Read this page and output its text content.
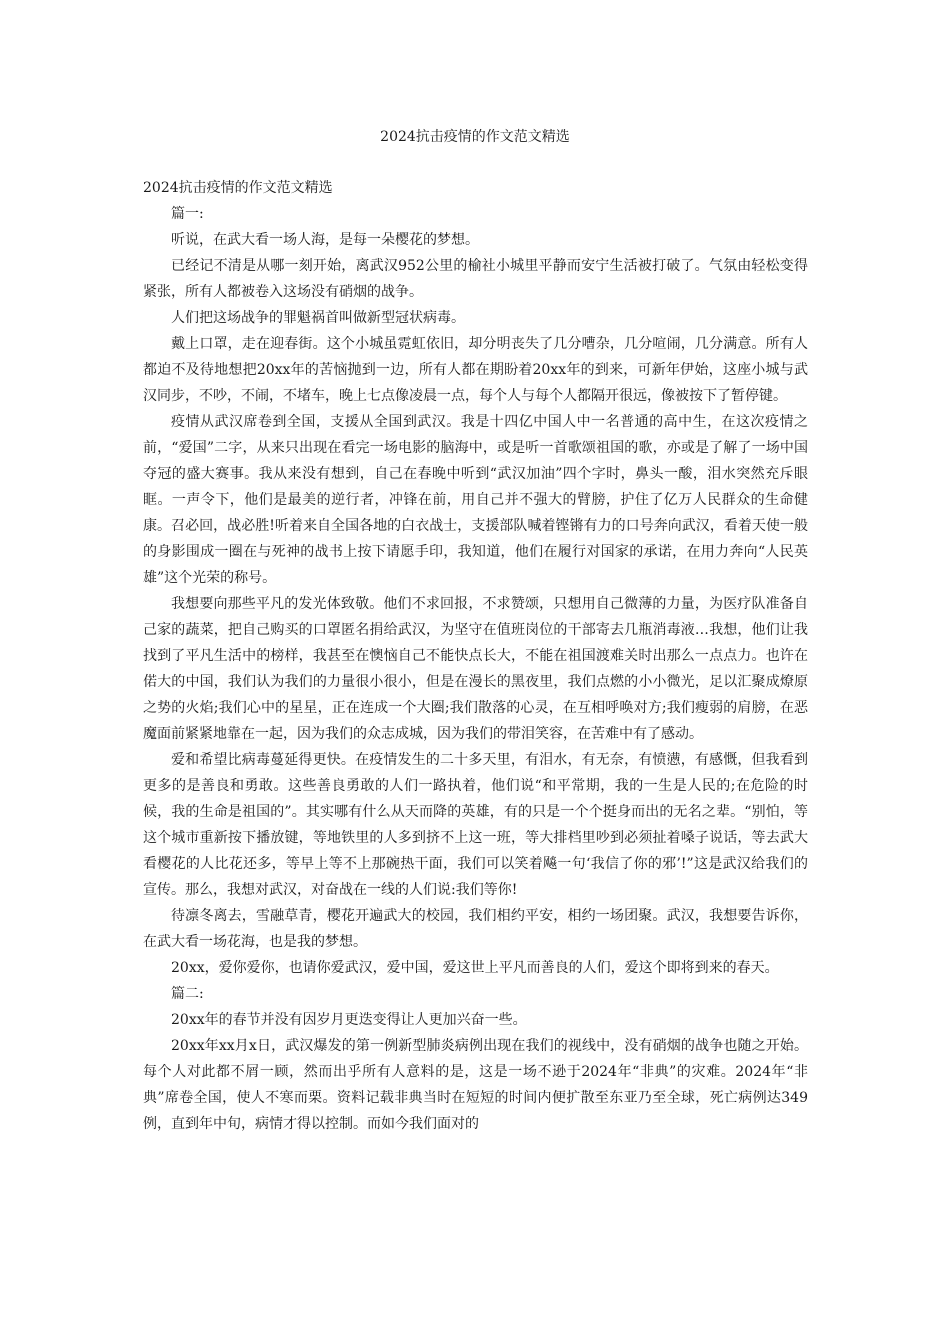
2024抗击疫情的作文范文精选

2024抗击疫情的作文范文精选

篇一:

听说，在武大看一场人海，是每一朵樱花的梦想。

已经记不清是从哪一刻开始，离武汉952公里的榆社小城里平静而安宁生活被打破了。气氛由轻松变得紧张，所有人都被卷入这场没有硝烟的战争。

人们把这场战争的罪魁祸首叫做新型冠状病毒。

戴上口罩，走在迎春街。这个小城虽霓虹依旧，却分明丧失了几分嘈杂，几分喧闹，几分满意。所有人都迫不及待地想把20xx年的苦恼抛到一边，所有人都在期盼着20xx年的到来，可新年伊始，这座小城与武汉同步，不吵，不闹，不堵车，晚上七点像凌晨一点，每个人与每个人都隔开很远，像被按下了暂停键。

疫情从武汉席卷到全国，支援从全国到武汉。我是十四亿中国人中一名普通的高中生，在这次疫情之前，“爱国”二字，从来只出现在看完一场电影的脑海中，或是听一首歌颂祖国的歌，亦或是了解了一场中国夺冠的盛大赛事。我从来没有想到，自己在春晚中听到“武汉加油”四个字时，鼻头一酸，泪水突然充斥眼眶。一声令下，他们是最美的逆行者，冲锋在前，用自己并不强大的臂膀，护住了亿万人民群众的生命健康。召必回，战必胜!听着来自全国各地的白衣战士，支援部队喊着铿锵有力的口号奔向武汉，看着天使一般的身影围成一圈在与死神的战书上按下请愿手印，我知道，他们在履行对国家的承诺，在用力奔向“人民英雄”这个光荣的称号。

我想要向那些平凡的发光体致敬。他们不求回报，不求赞颂，只想用自己微薄的力量，为医疗队准备自己家的蔬菜，把自己购买的口罩匿名捐给武汉，为坚守在值班岗位的干部寄去几瓶消毒液…我想，他们让我找到了平凡生活中的榜样，我甚至在懊恼自己不能快点长大，不能在祖国渡难关时出那么一点点力。也许在偌大的中国，我们认为我们的力量很小很小，但是在漫长的黑夜里，我们点燃的小小微光，足以汇聚成燎原之势的火焰;我们心中的星星，正在连成一个大圈;我们散落的心灵，在互相呼唤对方;我们瘦弱的肩膀，在恶魔面前紧紧地靠在一起，因为我们的众志成城，因为我们的带泪笑容，在苦难中有了感动。

爱和希望比病毒蔓延得更快。在疫情发生的二十多天里，有泪水，有无奈，有愤懑，有感慨，但我看到更多的是善良和勇敢。这些善良勇敢的人们一路执着，他们说“和平常期，我的一生是人民的;在危险的时候，我的生命是祖国的”。其实哪有什么从天而降的英雄，有的只是一个个挺身而出的无名之辈。“别怕，等这个城市重新按下播放键，等地铁里的人多到挤不上这一班，等大排档里吵到必须扯着嗓子说话，等去武大看樱花的人比花还多，等早上等不上那碗热干面，我们可以笑着飚一句‘我信了你的邪’!”这是武汉给我们的宣传。那么，我想对武汉，对奋战在一线的人们说:我们等你!

待凛冬离去，雪融草青，樱花开遍武大的校园，我们相约平安，相约一场团聚。武汉，我想要告诉你，在武大看一场花海，也是我的梦想。

20xx，爱你爱你，也请你爱武汉，爱中国，爱这世上平凡而善良的人们，爱这个即将到来的春天。

篇二:

20xx年的春节并没有因岁月更迭变得让人更加兴奋一些。

20xx年xx月x日，武汉爆发的第一例新型肺炎病例出现在我们的视线中，没有硝烟的战争也随之开始。每个人对此都不屑一顾，然而出乎所有人意料的是，这是一场不逊于2024年“非典”的灾难。2024年“非典”席卷全国，使人不寒而栗。资料记载非典当时在短短的时间内便扩散至东亚乃至全球，死亡病例达349例，直到年中旬，病情才得以控制。而如今我们面对的
